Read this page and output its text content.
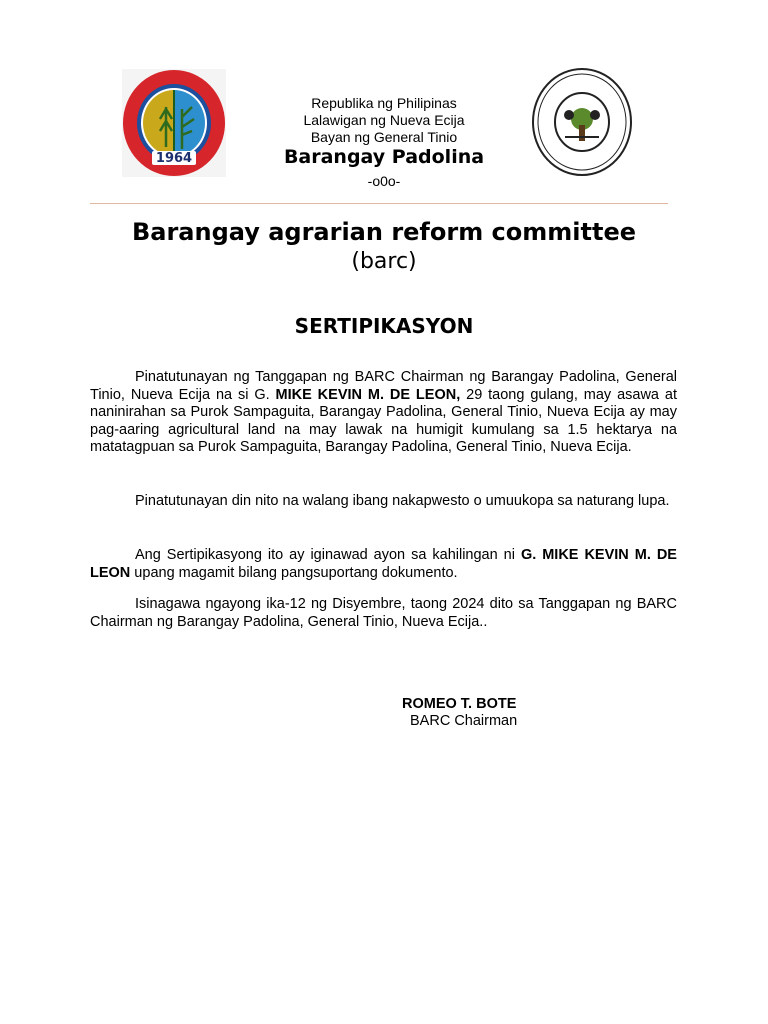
1964
Republika ng Philipinas
Lalawigan ng Nueva Ecija
Bayan ng General Tinio
Barangay Padolina
-o0o-
Barangay agrarian reform committee
(barc)
SERTIPIKASYON
Pinatutunayan ng Tanggapan ng BARC Chairman ng Barangay Padolina, General Tinio, Nueva Ecija na si G. MIKE KEVIN M. DE LEON, 29 taong gulang, may asawa at naninirahan sa Purok Sampaguita, Barangay Padolina, General Tinio, Nueva Ecija ay may pag-aaring agricultural land na may lawak na humigit kumulang sa 1.5 hektarya na matatagpuan sa Purok Sampaguita, Barangay Padolina, General Tinio, Nueva Ecija.
Pinatutunayan din nito na walang ibang nakapwesto o umuukopa sa naturang lupa.
Ang Sertipikasyong ito ay iginawad ayon sa kahilingan ni G. MIKE KEVIN M. DE LEON upang magamit bilang pangsuportang dokumento.
Isinagawa ngayong ika-12 ng Disyembre, taong 2024 dito sa Tanggapan ng BARC Chairman ng Barangay Padolina, General Tinio, Nueva Ecija..
ROMEO T. BOTE
BARC Chairman
